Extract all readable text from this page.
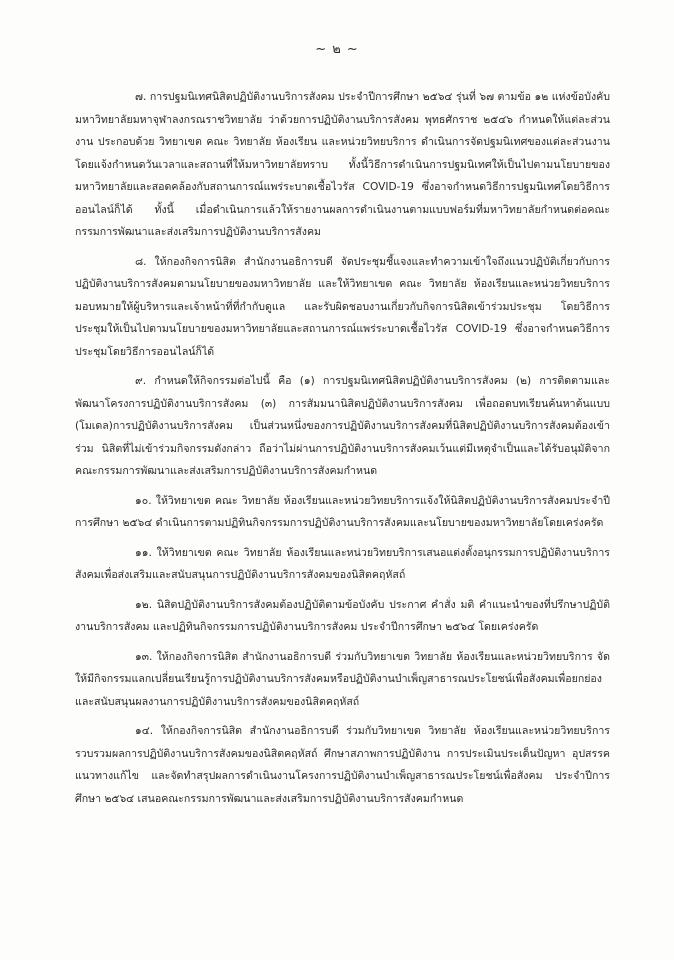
~ ๒ ~

๗. การปฐมนิเทศนิสิตปฏิบัติงานบริการสังคม ประจำปีการศึกษา ๒๕๖๔ รุ่นที่ ๖๗ ตามข้อ ๑๒ แห่งข้อบังคับมหาวิทยาลัยมหาจุฬาลงกรณราชวิทยาลัย ว่าด้วยการปฏิบัติงานบริการสังคม พุทธศักราช ๒๕๔๖ กำหนดให้แต่ละส่วนงาน ประกอบด้วย วิทยาเขต คณะ วิทยาลัย ห้องเรียน และหน่วยวิทยบริการ ดำเนินการจัดปฐมนิเทศของแต่ละส่วนงาน โดยแจ้งกำหนดวันเวลาและสถานที่ให้มหาวิทยาลัยทราบ ทั้งนี้วิธีการดำเนินการปฐมนิเทศให้เป็นไปตามนโยบายของมหาวิทยาลัยและสอดคล้องกับสถานการณ์แพร่ระบาดเชื้อไวรัส COVID-19 ซึ่งอาจกำหนดวิธีการปฐมนิเทศโดยวิธีการออนไลน์ก็ได้ ทั้งนี้ เมื่อดำเนินการแล้วให้รายงานผลการดำเนินงานตามแบบฟอร์มที่มหาวิทยาลัยกำหนดต่อคณะกรรมการพัฒนาและส่งเสริมการปฏิบัติงานบริการสังคม

๘. ให้กองกิจการนิสิต สำนักงานอธิการบดี จัดประชุมชี้แจงและทำความเข้าใจถึงแนวปฏิบัติเกี่ยวกับการปฏิบัติงานบริการสังคมตามนโยบายของมหาวิทยาลัย และให้วิทยาเขต คณะ วิทยาลัย ห้องเรียนและหน่วยวิทยบริการมอบหมายให้ผู้บริหารและเจ้าหน้าที่ที่กำกับดูแล และรับผิดชอบงานเกี่ยวกับกิจการนิสิตเข้าร่วมประชุม โดยวิธีการประชุมให้เป็นไปตามนโยบายของมหาวิทยาลัยและสถานการณ์แพร่ระบาดเชื้อไวรัส COVID-19 ซึ่งอาจกำหนดวิธีการประชุมโดยวิธีการออนไลน์ก็ได้

๙. กำหนดให้กิจกรรมต่อไปนี้ คือ (๑) การปฐมนิเทศนิสิตปฏิบัติงานบริการสังคม (๒) การติดตามและพัฒนาโครงการปฏิบัติงานบริการสังคม (๓) การสัมมนานิสิตปฏิบัติงานบริการสังคม เพื่อถอดบทเรียนค้นหาต้นแบบ (โมเดล)การปฏิบัติงานบริการสังคม เป็นส่วนหนึ่งของการปฏิบัติงานบริการสังคมที่นิสิตปฏิบัติงานบริการสังคมต้องเข้าร่วม นิสิตที่ไม่เข้าร่วมกิจกรรมดังกล่าว ถือว่าไม่ผ่านการปฏิบัติงานบริการสังคมเว้นแต่มีเหตุจำเป็นและได้รับอนุมัติจากคณะกรรมการพัฒนาและส่งเสริมการปฏิบัติงานบริการสังคมกำหนด

๑๐. ให้วิทยาเขต คณะ วิทยาลัย ห้องเรียนและหน่วยวิทยบริการแจ้งให้นิสิตปฏิบัติงานบริการสังคมประจำปีการศึกษา ๒๕๖๔ ดำเนินการตามปฏิทินกิจกรรมการปฏิบัติงานบริการสังคมและนโยบายของมหาวิทยาลัยโดยเคร่งครัด

๑๑. ให้วิทยาเขต คณะ วิทยาลัย ห้องเรียนและหน่วยวิทยบริการเสนอแต่งตั้งอนุกรรมการปฏิบัติงานบริการสังคมเพื่อส่งเสริมและสนับสนุนการปฏิบัติงานบริการสังคมของนิสิตคฤหัสถ์

๑๒. นิสิตปฏิบัติงานบริการสังคมต้องปฏิบัติตามข้อบังคับ ประกาศ คำสั่ง มติ คำแนะนำของที่ปรึกษาปฏิบัติงานบริการสังคม และปฏิทินกิจกรรมการปฏิบัติงานบริการสังคม ประจำปีการศึกษา ๒๕๖๔ โดยเคร่งครัด

๑๓. ให้กองกิจการนิสิต สำนักงานอธิการบดี ร่วมกับวิทยาเขต วิทยาลัย ห้องเรียนและหน่วยวิทยบริการ จัดให้มีกิจกรรมแลกเปลี่ยนเรียนรู้การปฏิบัติงานบริการสังคมหรือปฏิบัติงานบำเพ็ญสาธารณประโยชน์เพื่อสังคมเพื่อยกย่องและสนับสนุนผลงานการปฏิบัติงานบริการสังคมของนิสิตคฤหัสถ์

๑๔. ให้กองกิจการนิสิต สำนักงานอธิการบดี ร่วมกับวิทยาเขต วิทยาลัย ห้องเรียนและหน่วยวิทยบริการรวบรวมผลการปฏิบัติงานบริการสังคมของนิสิตคฤหัสถ์ ศึกษาสภาพการปฏิบัติงาน การประเมินประเด็นปัญหา อุปสรรค แนวทางแก้ไข และจัดทำสรุปผลการดำเนินงานโครงการปฏิบัติงานบำเพ็ญสาธารณประโยชน์เพื่อสังคม ประจำปีการศึกษา ๒๕๖๔ เสนอคณะกรรมการพัฒนาและส่งเสริมการปฏิบัติงานบริการสังคมกำหนด
